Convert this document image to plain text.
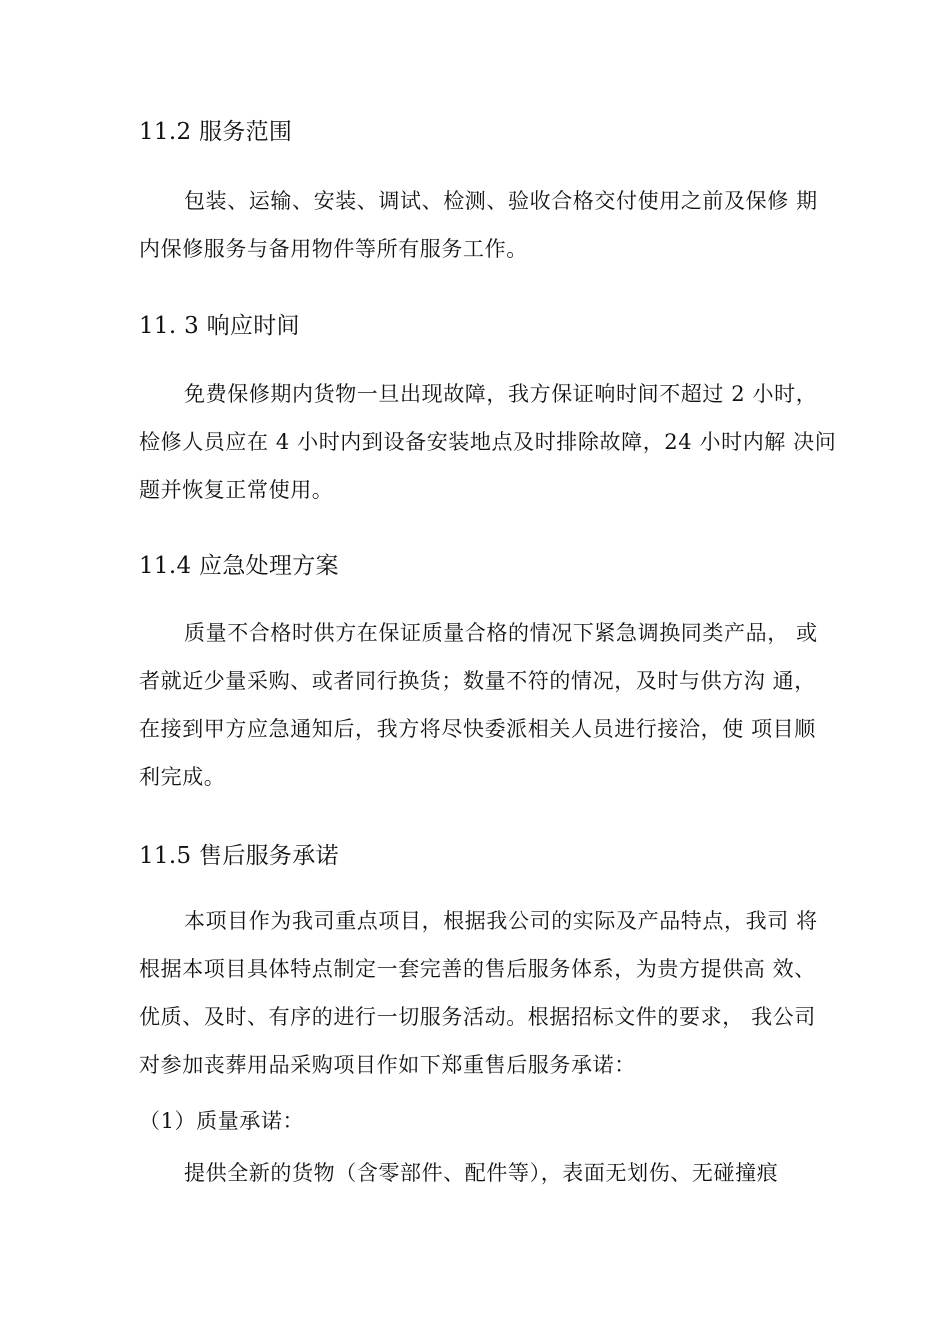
11.2 服务范围
包装、运输、安装、调试、检测、验收合格交付使用之前及保修 期
内保修服务与备用物件等所有服务工作。
11. 3 响应时间
免费保修期内货物一旦出现故障，我方保证响时间不超过 2 小时，
检修人员应在 4 小时内到设备安装地点及时排除故障，24 小时内解 决问
题并恢复正常使用。
11.4 应急处理方案
质量不合格时供方在保证质量合格的情况下紧急调换同类产品， 或
者就近少量采购、或者同行换货；数量不符的情况，及时与供方沟 通，
在接到甲方应急通知后，我方将尽快委派相关人员进行接洽，使 项目顺
利完成。
11.5 售后服务承诺
本项目作为我司重点项目，根据我公司的实际及产品特点，我司 将
根据本项目具体特点制定一套完善的售后服务体系，为贵方提供高 效、
优质、及时、有序的进行一切服务活动。根据招标文件的要求， 我公司
对参加丧葬用品采购项目作如下郑重售后服务承诺：
（1）质量承诺：
提供全新的货物（含零部件、配件等），表面无划伤、无碰撞痕
